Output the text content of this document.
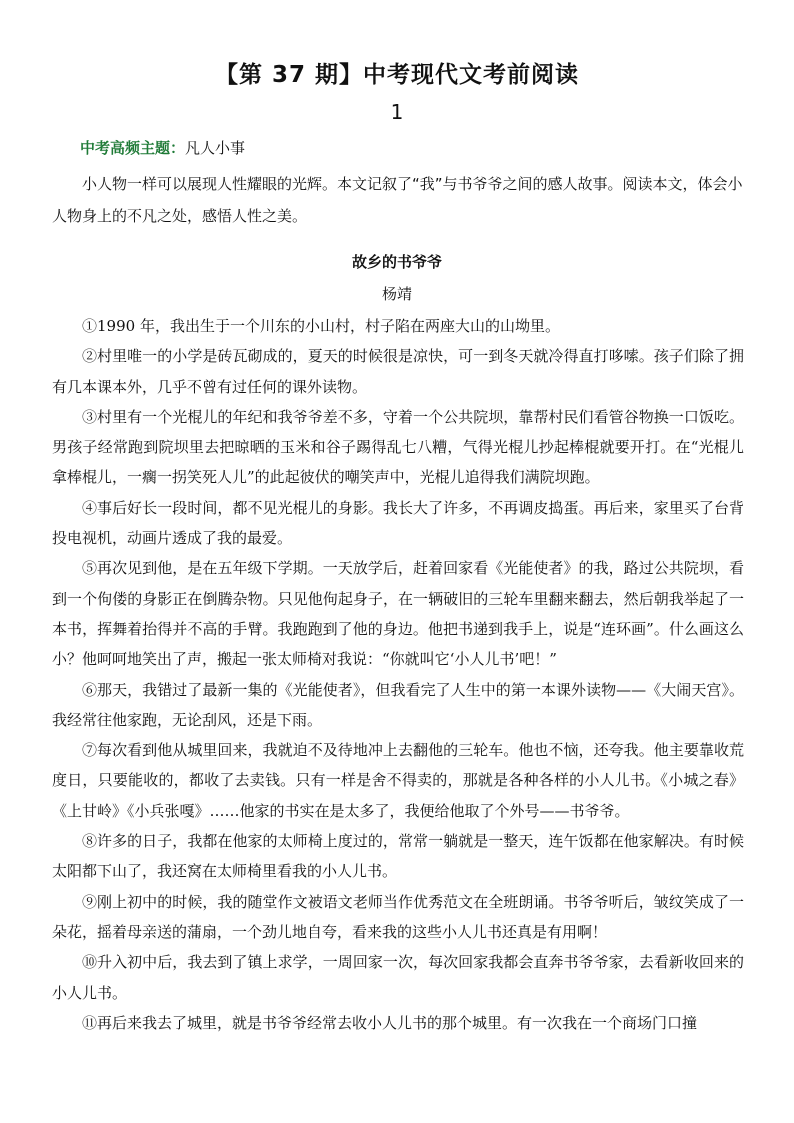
【第 37 期】中考现代文考前阅读
1
中考高频主题：凡人小事

小人物一样可以展现人性耀眼的光辉。本文记叙了“我”与书爷爷之间的感人故事。阅读本文，体会小人物身上的不凡之处，感悟人性之美。

故乡的书爷爷
杨靖

①1990 年，我出生于一个川东的小山村，村子陷在两座大山的山坳里。

②村里唯一的小学是砖瓦砌成的，夏天的时候很是凉快，可一到冬天就冷得直打哆嗦。孩子们除了拥有几本课本外，几乎不曾有过任何的课外读物。

③村里有一个光棍儿的年纪和我爷爷差不多，守着一个公共院坝，靠帮村民们看管谷物换一口饭吃。男孩子经常跑到院坝里去把晾晒的玉米和谷子踢得乱七八糟，气得光棍儿抄起棒棍就要开打。在“光棍儿拿棒棍儿，一瘸一拐笑死人儿”的此起彼伏的嘲笑声中，光棍儿追得我们满院坝跑。

④事后好长一段时间，都不见光棍儿的身影。我长大了许多，不再调皮捣蛋。再后来，家里买了台背投电视机，动画片透成了我的最爱。

⑤再次见到他，是在五年级下学期。一天放学后，赶着回家看《光能使者》的我，路过公共院坝，看到一个佝偻的身影正在倒腾杂物。只见他佝起身子，在一辆破旧的三轮车里翻来翻去，然后朝我举起了一本书，挥舞着抬得并不高的手臂。我跑跑到了他的身边。他把书递到我手上，说是“连环画”。什么画这么小？他呵呵地笑出了声，搬起一张太师椅对我说：“你就叫它‘小人儿书’吧！”

⑥那天，我错过了最新一集的《光能使者》，但我看完了人生中的第一本课外读物——《大闹天宫》。我经常往他家跑，无论刮风，还是下雨。

⑦每次看到他从城里回来，我就迫不及待地冲上去翻他的三轮车。他也不恼，还夸我。他主要靠收荒度日，只要能收的，都收了去卖钱。只有一样是舍不得卖的，那就是各种各样的小人儿书。《小城之春》《上甘岭》《小兵张嘎》……他家的书实在是太多了，我便给他取了个外号——书爷爷。

⑧许多的日子，我都在他家的太师椅上度过的，常常一躺就是一整天，连午饭都在他家解决。有时候太阳都下山了，我还窝在太师椅里看我的小人儿书。

⑨刚上初中的时候，我的随堂作文被语文老师当作优秀范文在全班朗诵。书爷爷听后，皱纹笑成了一朵花，摇着母亲送的蒲扇，一个劲儿地自夸，看来我的这些小人儿书还真是有用啊！

⑩升入初中后，我去到了镇上求学，一周回家一次，每次回家我都会直奔书爷爷家，去看新收回来的小人儿书。

⑪再后来我去了城里，就是书爷爷经常去收小人儿书的那个城里。有一次我在一个商场门口撞
